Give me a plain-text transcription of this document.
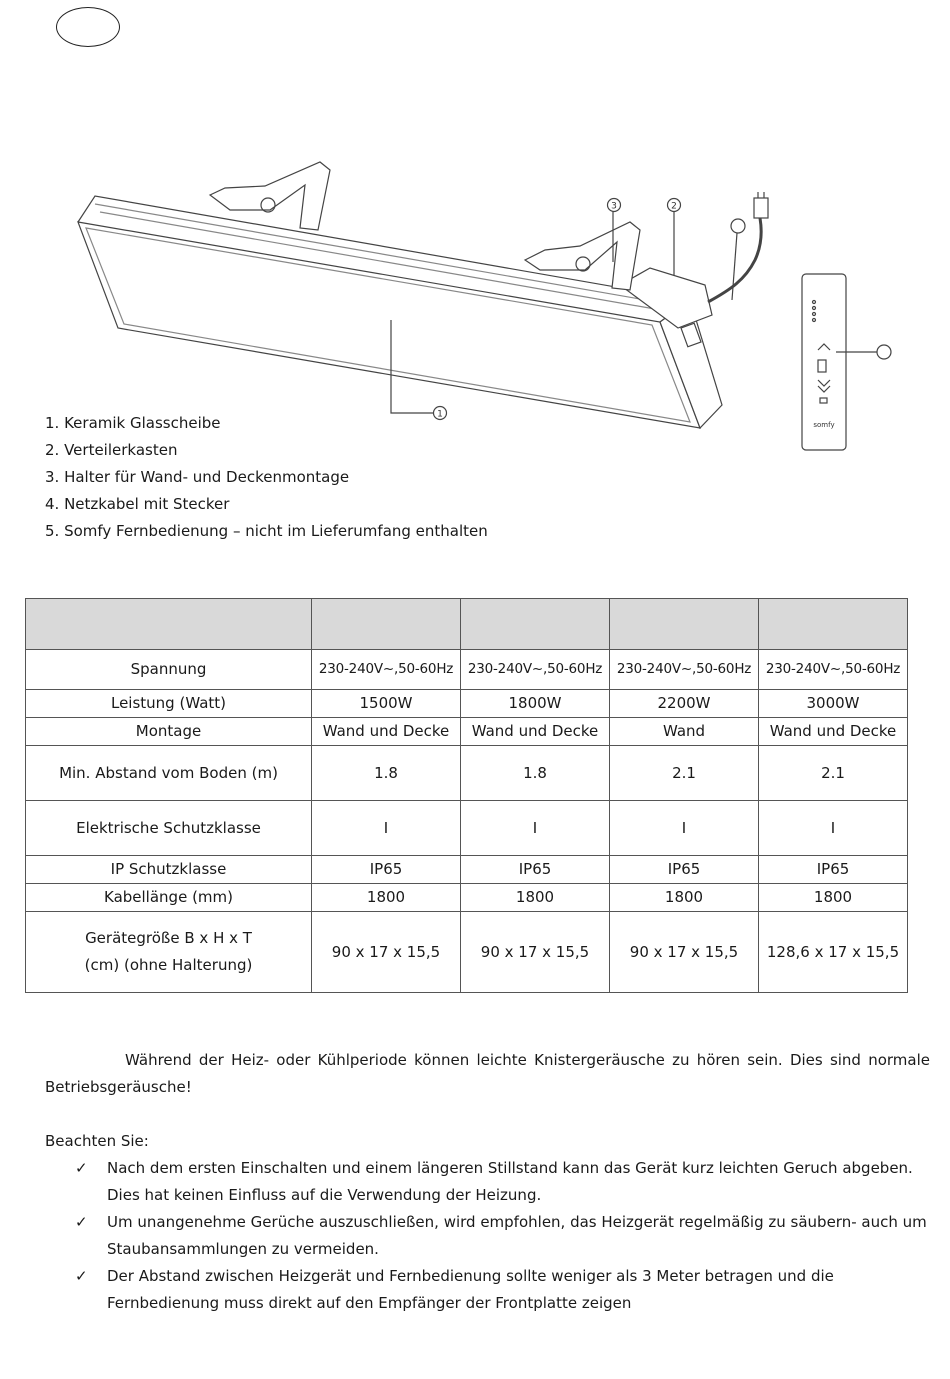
1
2
3
somfy
1. Keramik Glasscheibe
2. Verteilerkasten
3. Halter für Wand- und Deckenmontage
4. Netzkabel mit Stecker
5. Somfy Fernbedienung – nicht im Lieferumfang enthalten

Spannung	230-240V~,50-60Hz	230-240V~,50-60Hz	230-240V~,50-60Hz	230-240V~,50-60Hz
Leistung (Watt)	1500W	1800W	2200W	3000W
Montage	Wand und Decke	Wand und Decke	Wand	Wand und Decke
Min. Abstand vom Boden (m)	1.8	1.8	2.1	2.1
Elektrische Schutzklasse	I	I	I	I
IP Schutzklasse	IP65	IP65	IP65	IP65
Kabellänge (mm)	1800	1800	1800	1800
Gerätegröße B x H x T (cm) (ohne Halterung)	90 x 17 x 15,5	90 x 17 x 15,5	90 x 17 x 15,5	128,6 x 17 x 15,5

Während der Heiz- oder Kühlperiode können leichte Knistergeräusche zu hören sein. Dies sind normale Betriebsgeräusche!

Beachten Sie:

✓ Nach dem ersten Einschalten und einem längeren Stillstand kann das Gerät kurz leichten Geruch abgeben. Dies hat keinen Einfluss auf die Verwendung der Heizung.
✓ Um unangenehme Gerüche auszuschließen, wird empfohlen, das Heizgerät regelmäßig zu säubern- auch um Staubansammlungen zu vermeiden.
✓ Der Abstand zwischen Heizgerät und Fernbedienung sollte weniger als 3 Meter betragen und die Fernbedienung muss direkt auf den Empfänger der Frontplatte zeigen
